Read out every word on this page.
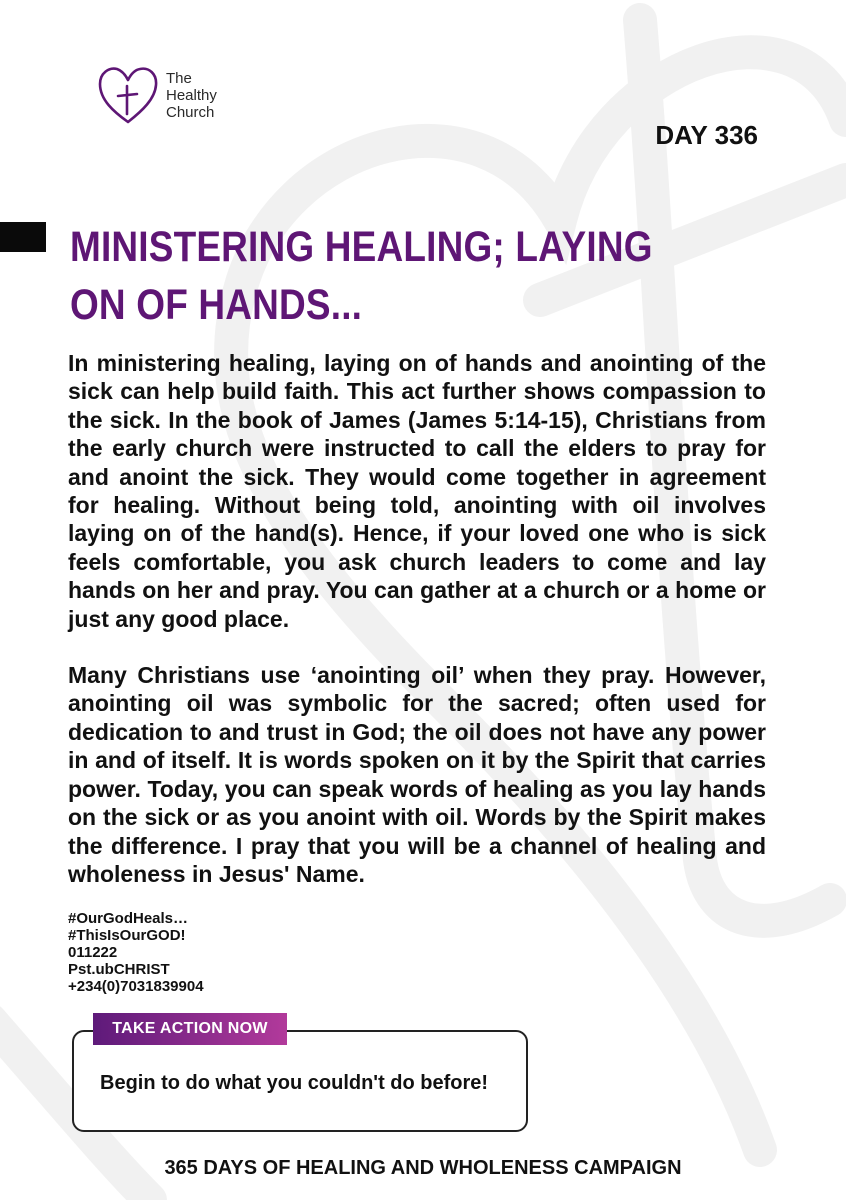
The
Healthy
Church
DAY 336
MINISTERING HEALING; LAYING ON OF HANDS...

In ministering healing, laying on of hands and anointing of the sick can help build faith. This act further shows compassion to the sick. In the book of James (James 5:14-15), Christians from the early church were instructed to call the elders to pray for and anoint the sick. They would come together in agreement for healing. Without being told, anointing with oil involves laying on of the hand(s). Hence, if your loved one who is sick feels comfortable, you ask church leaders to come and lay hands on her and pray. You can gather at a church or a home or just any good place.

Many Christians use ‘anointing oil’ when they pray. However, anointing oil was symbolic for the sacred; often used for dedication to and trust in God; the oil does not have any power in and of itself. It is words spoken on it by the Spirit that carries power. Today, you can speak words of healing as you lay hands on the sick or as you anoint with oil. Words by the Spirit makes the difference. I pray that you will be a channel of healing and wholeness in Jesus' Name.

#OurGodHeals…
#ThisIsOurGOD!
011222
Pst.ubCHRIST
+234(0)7031839904
TAKE ACTION NOW
Begin to do what you couldn't do before!
365 DAYS OF HEALING AND WHOLENESS CAMPAIGN
